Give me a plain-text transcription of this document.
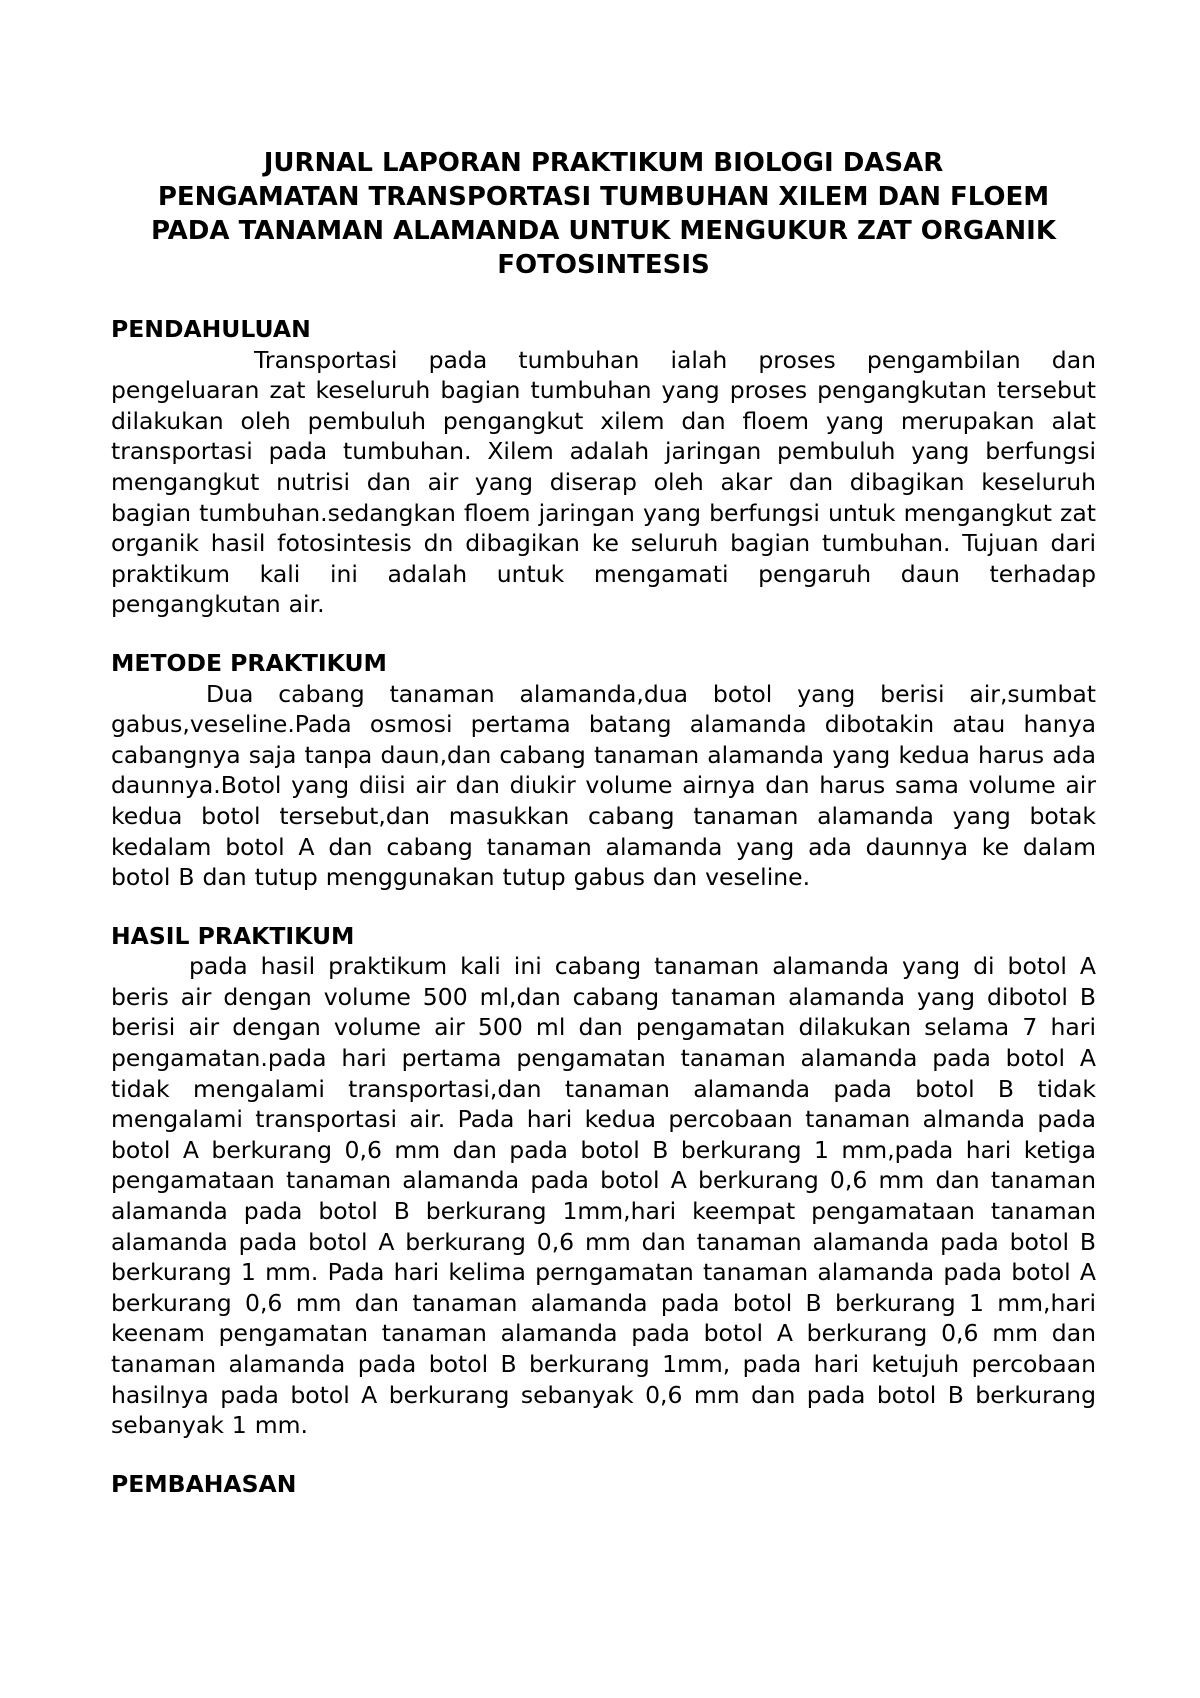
JURNAL LAPORAN PRAKTIKUM BIOLOGI DASAR
PENGAMATAN TRANSPORTASI TUMBUHAN XILEM DAN FLOEM
PADA TANAMAN ALAMANDA UNTUK MENGUKUR ZAT ORGANIK
FOTOSINTESIS
PENDAHULUAN

Transportasi pada tumbuhan ialah proses pengambilan dan pengeluaran zat keseluruh bagian tumbuhan yang proses pengangkutan tersebut dilakukan oleh pembuluh pengangkut xilem dan floem yang merupakan alat transportasi pada tumbuhan. Xilem adalah jaringan pembuluh yang berfungsi mengangkut nutrisi dan air yang diserap oleh akar dan dibagikan keseluruh bagian tumbuhan.sedangkan floem jaringan yang berfungsi untuk mengangkut zat organik hasil fotosintesis dn dibagikan ke seluruh bagian tumbuhan. Tujuan dari praktikum kali ini adalah untuk mengamati pengaruh daun terhadap pengangkutan air.

METODE PRAKTIKUM

Dua cabang tanaman alamanda,dua botol yang berisi air,sumbat gabus,veseline.Pada osmosi pertama batang alamanda dibotakin atau hanya cabangnya saja tanpa daun,dan cabang tanaman alamanda yang kedua harus ada daunnya.Botol yang diisi air dan diukir volume airnya dan harus sama volume air kedua botol tersebut,dan masukkan cabang tanaman alamanda yang botak kedalam botol A dan cabang tanaman alamanda yang ada daunnya ke dalam botol B dan tutup menggunakan tutup gabus dan veseline.

HASIL PRAKTIKUM

pada hasil praktikum kali ini cabang tanaman alamanda yang di botol A beris air dengan volume 500 ml,dan cabang tanaman alamanda yang dibotol B berisi air dengan volume air 500 ml dan pengamatan dilakukan selama 7 hari pengamatan.pada hari pertama pengamatan tanaman alamanda pada botol A tidak mengalami transportasi,dan tanaman alamanda pada botol B tidak mengalami transportasi air. Pada hari kedua percobaan tanaman almanda pada botol A berkurang 0,6 mm dan pada botol B berkurang 1 mm,pada hari ketiga pengamataan tanaman alamanda pada botol A berkurang 0,6 mm dan tanaman alamanda pada botol B berkurang 1mm,hari keempat pengamataan tanaman alamanda pada botol A berkurang 0,6 mm dan tanaman alamanda pada botol B berkurang 1 mm. Pada hari kelima perngamatan tanaman alamanda pada botol A berkurang 0,6 mm dan tanaman alamanda pada botol B berkurang 1 mm,hari keenam pengamatan tanaman alamanda pada botol A berkurang 0,6 mm dan tanaman alamanda pada botol B berkurang 1mm, pada hari ketujuh percobaan hasilnya pada botol A berkurang sebanyak 0,6 mm dan pada botol B berkurang sebanyak 1 mm.

PEMBAHASAN
